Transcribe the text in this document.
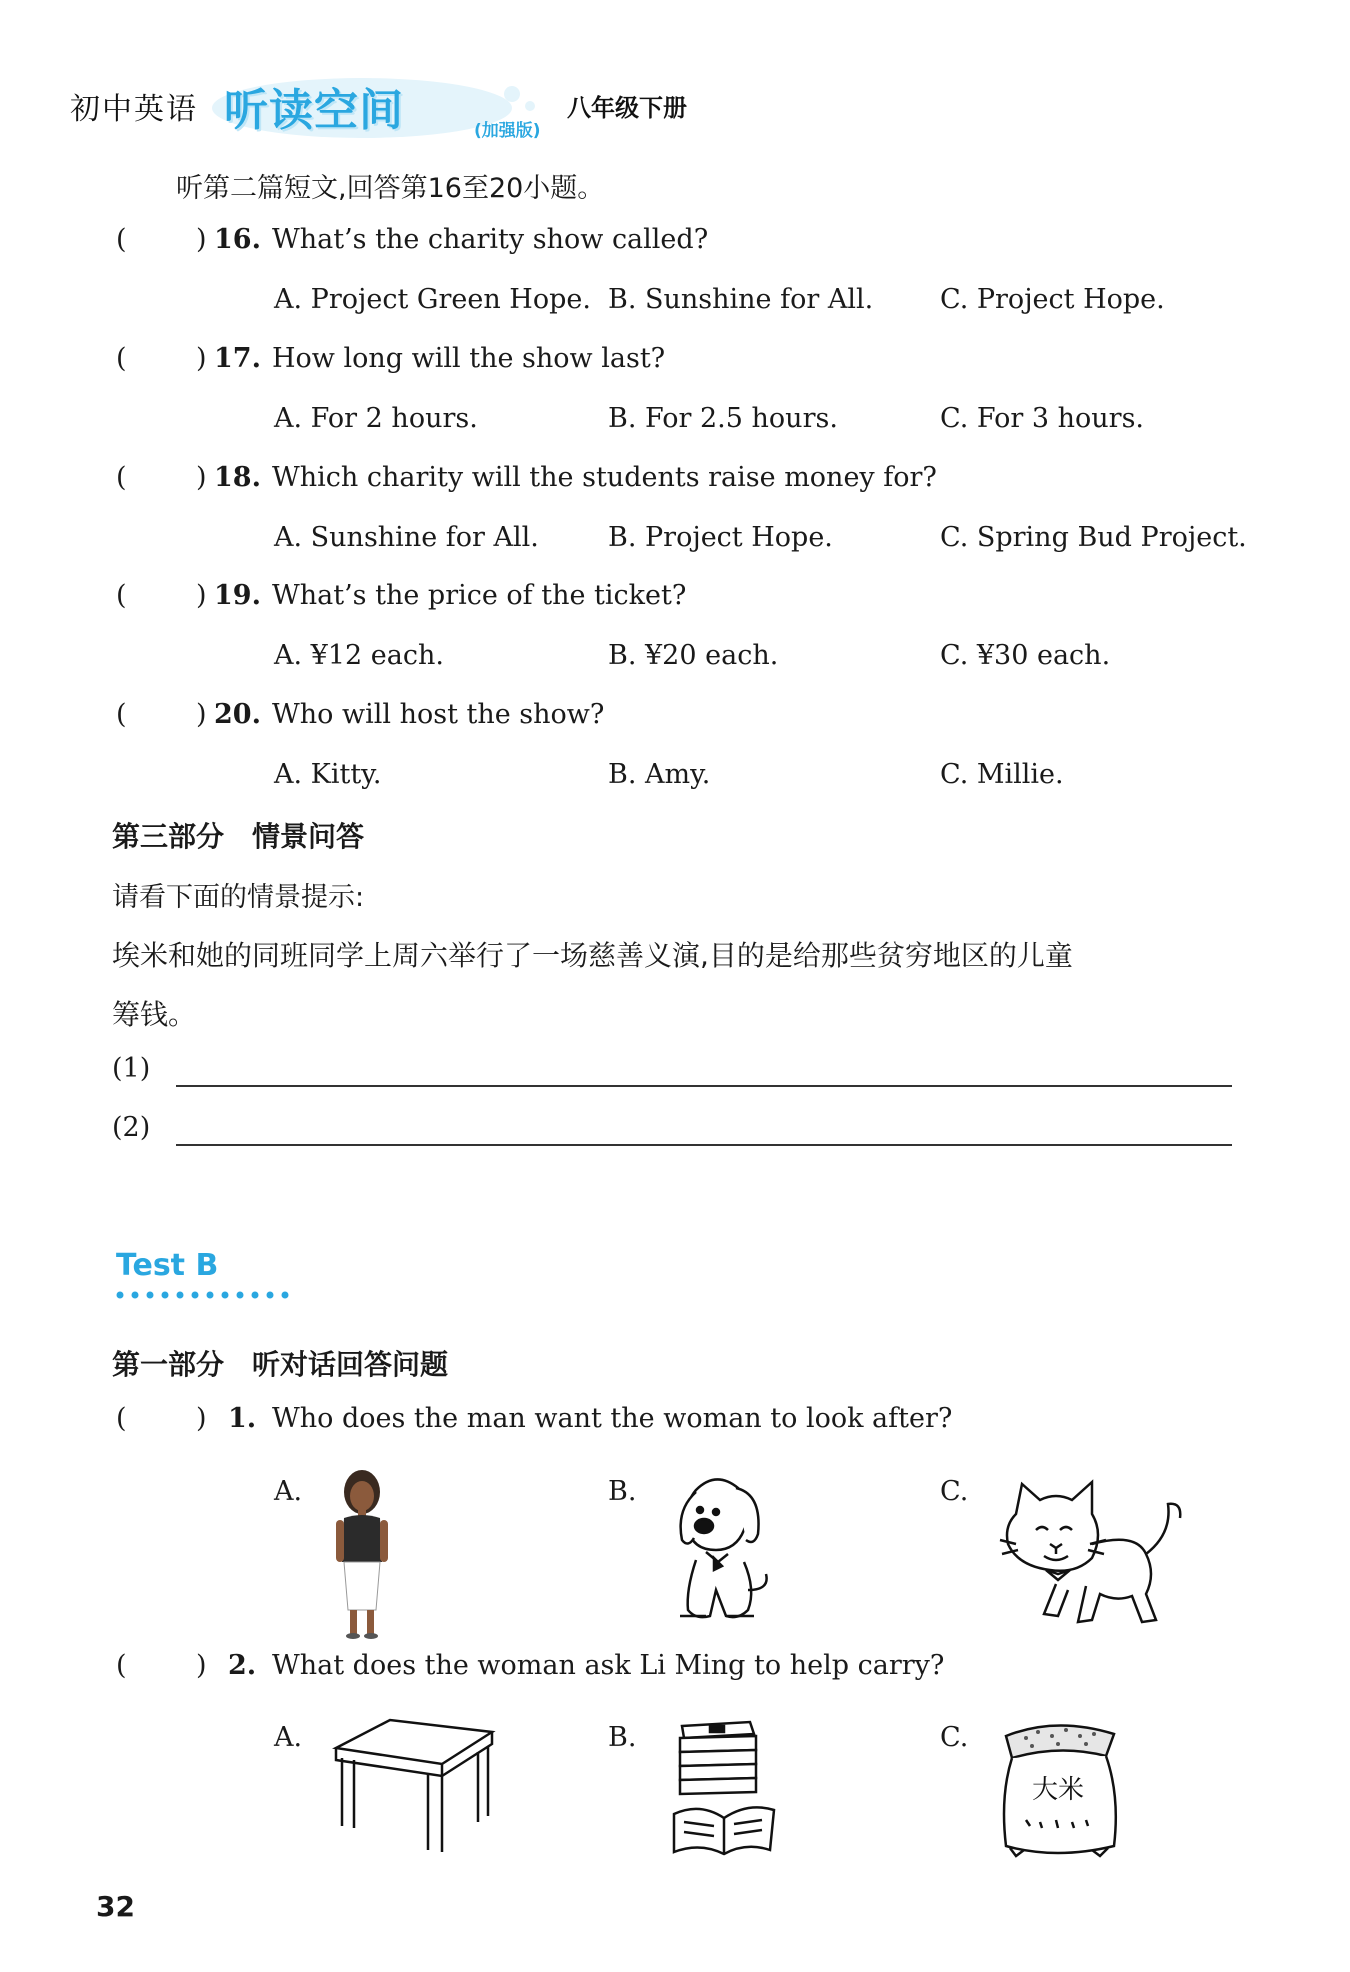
初中英语 听读空间	(加强版)
八年级下册
听第二篇短文,回答第16至20小题。
(	) 16. What’s the charity show called?
A. Project Green Hope. B. Sunshine for All. C. Project Hope.
(	) 17. How long will the show last?
A. For 2 hours.	B. For 2.5 hours.	C. For 3 hours.
(	) 18. Which charity will the students raise money for?
A. Sunshine for All.	B. Project Hope.	C. Spring Bud Project.
(	) 19. What’s the price of the ticket?
A. ¥12 each.	B. ¥20 each.	C. ¥30 each.
(	) 20. Who will host the show?
A. Kitty.	B. Amy.	C. Millie.
第三部分　情景问答
请看下面的情景提示:
埃米和她的同班同学上周六举行了一场慈善义演,目的是给那些贫穷地区的儿童
筹钱。
(1)
(2)
Test B
第一部分　听对话回答问题
(	) 1. Who does the man want the woman to look after?
A.	B.	C.
(	) 2. What does the woman ask Li Ming to help carry?
A.	B.	C.
大米
32
